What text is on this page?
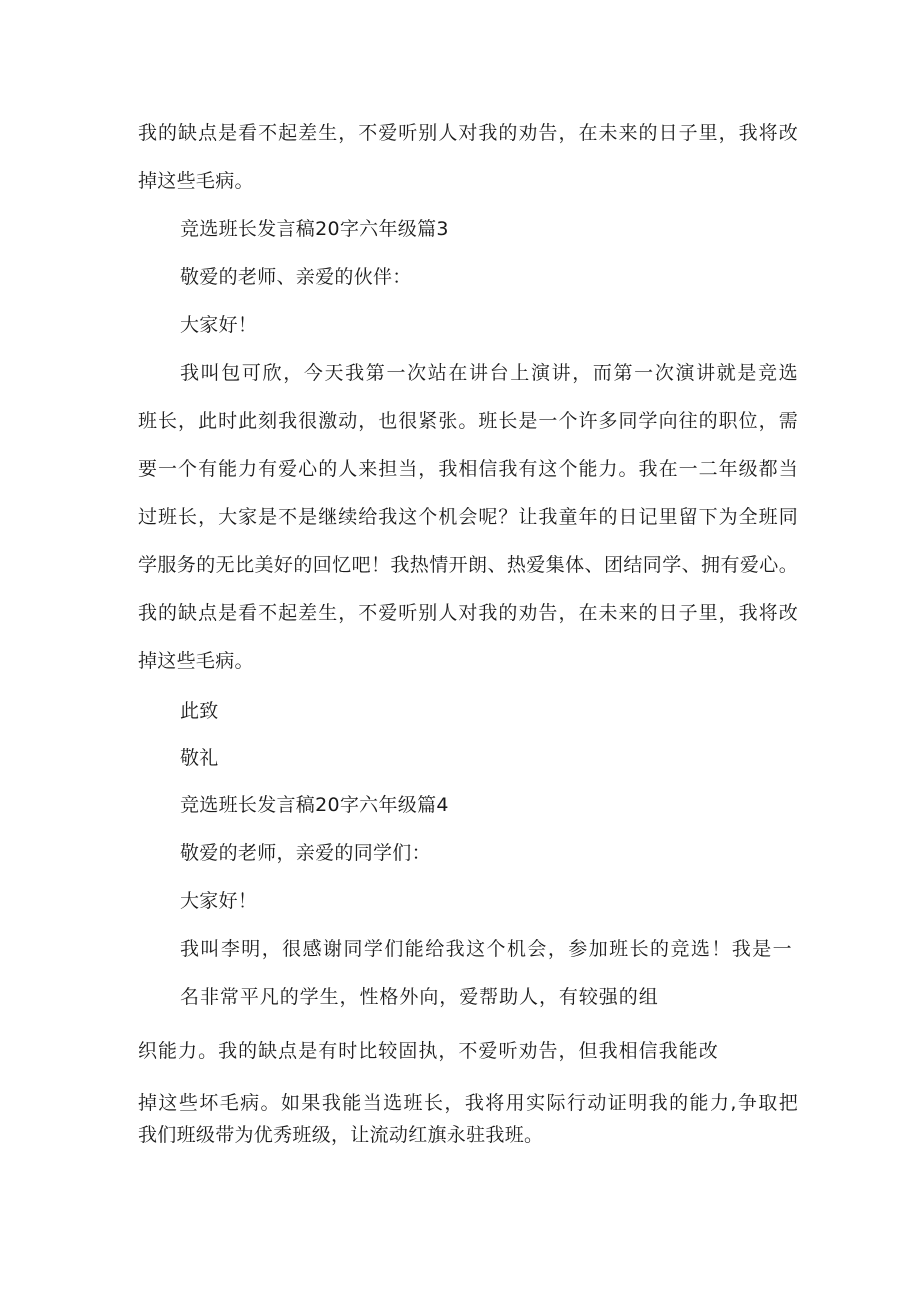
我的缺点是看不起差生，不爱听别人对我的劝告，在未来的日子里，我将改
掉这些毛病。
竞选班长发言稿20字六年级篇3
敬爱的老师、亲爱的伙伴：
大家好！
我叫包可欣，今天我第一次站在讲台上演讲，而第一次演讲就是竞选
班长，此时此刻我很激动，也很紧张。班长是一个许多同学向往的职位，需
要一个有能力有爱心的人来担当，我相信我有这个能力。我在一二年级都当
过班长，大家是不是继续给我这个机会呢？让我童年的日记里留下为全班同
学服务的无比美好的回忆吧！我热情开朗、热爱集体、团结同学、拥有爱心。
我的缺点是看不起差生，不爱听别人对我的劝告，在未来的日子里，我将改
掉这些毛病。
此致
敬礼
竞选班长发言稿20字六年级篇4
敬爱的老师，亲爱的同学们：
大家好！
我叫李明，很感谢同学们能给我这个机会，参加班长的竞选！我是一
名非常平凡的学生，性格外向，爱帮助人，有较强的组
织能力。我的缺点是有时比较固执，不爱听劝告，但我相信我能改
掉这些坏毛病。如果我能当选班长，我将用实际行动证明我的能力,争取把
我们班级带为优秀班级，让流动红旗永驻我班。
